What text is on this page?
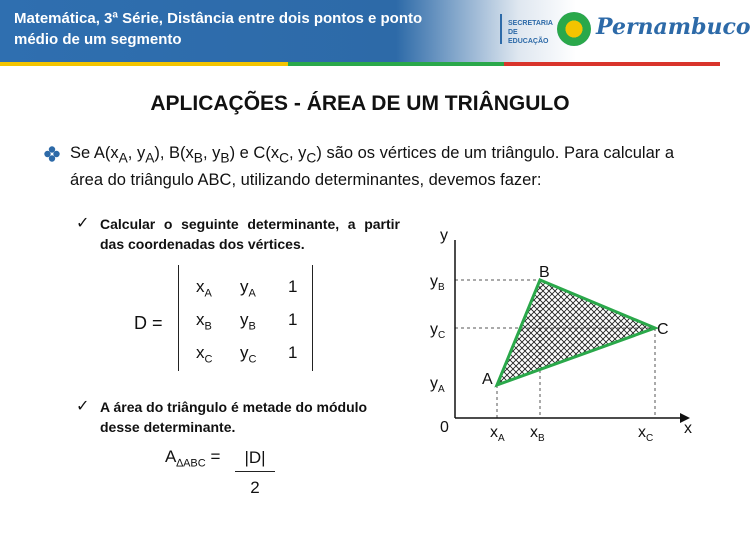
Matemática, 3ª Série, Distância entre dois pontos e ponto médio de um segmento
SECRETARIA DE EDUCAÇÃO
Pernambuco
APLICAÇÕES - ÁREA DE UM TRIÂNGULO
Se $A(x_A$, $y_A$), $B(x_B$, $y_B$) e $C(x_C$, $y_C$) são os vértices de um triângulo. Para calcular a área do triângulo ABC, utilizando determinantes, devemos fazer:
✓ Calcular o seguinte determinante, a partir das coordenadas dos vértices.
✓ A área do triângulo é metade do módulo desse determinante.
D =
$x_A$ $y_A$ 1
$x_B$ $y_B$ 1
$x_C$ $y_C$ 1
$A_{\Delta ABC}$ =	|D|
2
y
x
0
$y_B$
$y_C$
$y_A$
$x_A$ $x_B$	$x_C$
A
B
C
